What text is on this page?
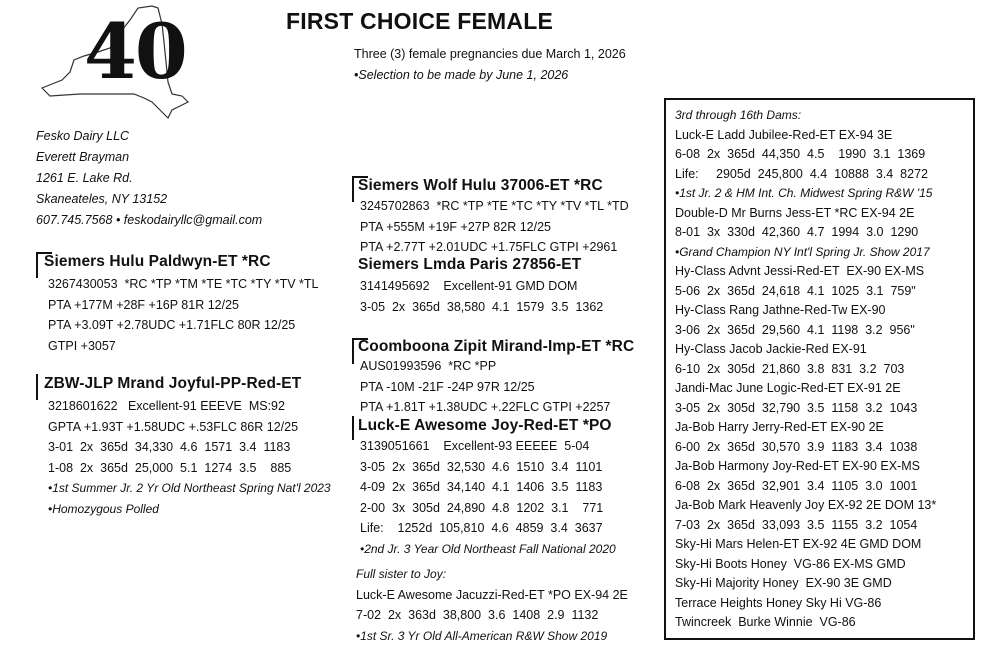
40	FIRST CHOICE FEMALE
Three (3) female pregnancies due March 1, 2026
•Selection to be made by June 1, 2026
Fesko Dairy LLC
Everett Brayman
1261 E. Lake Rd.
Skaneateles, NY 13152
607.745.7568 • feskodairyllc@gmail.com
Siemers Hulu Paldwyn-ET *RC
3267430053  *RC *TP *TM *TE *TC *TY *TV *TL
PTA +177M +28F +16P 81R 12/25
PTA +3.09T +2.78UDC +1.71FLC 80R 12/25
GTPI +3057
ZBW-JLP Mrand Joyful-PP-Red-ET
3218601622   Excellent-91 EEEVE  MS:92
GPTA +1.93T +1.58UDC +.53FLC 86R 12/25
3-01  2x  365d  34,330  4.6  1571  3.4  1183
1-08  2x  365d  25,000  5.1  1274  3.5    885
•1st Summer Jr. 2 Yr Old Northeast Spring Nat'l 2023
•Homozygous Polled
Siemers Wolf Hulu 37006-ET *RC
3245702863  *RC *TP *TE *TC *TY *TV *TL *TD
PTA +555M +19F +27P 82R 12/25
PTA +2.77T +2.01UDC +1.75FLC GTPI +2961
Siemers Lmda Paris 27856-ET
3141495692    Excellent-91 GMD DOM
3-05  2x  365d  38,580  4.1  1579  3.5  1362
Coomboona Zipit Mirand-Imp-ET *RC
AUS01993596  *RC *PP
PTA -10M -21F -24P 97R 12/25
PTA +1.81T +1.38UDC +.22FLC GTPI +2257
Luck-E Awesome Joy-Red-ET *PO
3139051661    Excellent-93 EEEEE  5-04
3-05  2x  365d  32,530  4.6  1510  3.4  1101
4-09  2x  365d  34,140  4.1  1406  3.5  1183
2-00  3x  305d  24,890  4.8  1202  3.1    771
Life:    1252d  105,810  4.6  4859  3.4  3637
•2nd Jr. 3 Year Old Northeast Fall National 2020
Full sister to Joy:
Luck-E Awesome Jacuzzi-Red-ET *PO EX-94 2E
7-02  2x  363d  38,800  3.6  1408  2.9  1132
•1st Sr. 3 Yr Old All-American R&W Show 2019
3rd through 16th Dams:
Luck-E Ladd Jubilee-Red-ET EX-94 3E
6-08  2x  365d  44,350  4.5    1990  3.1  1369
Life:     2905d  245,800  4.4  10888  3.4  8272
•1st Jr. 2 & HM Int. Ch. Midwest Spring R&W '15
Double-D Mr Burns Jess-ET *RC EX-94 2E
8-01  3x  330d  42,360  4.7  1994  3.0  1290
•Grand Champion NY Int'l Spring Jr. Show 2017
Hy-Class Advnt Jessi-Red-ET  EX-90 EX-MS
5-06  2x  365d  24,618  4.1  1025  3.1  759"
Hy-Class Rang Jathne-Red-Tw EX-90
3-06  2x  365d  29,560  4.1  1198  3.2  956"
Hy-Class Jacob Jackie-Red EX-91
6-10  2x  305d  21,860  3.8  831  3.2  703
Jandi-Mac June Logic-Red-ET EX-91 2E
3-05  2x  305d  32,790  3.5  1158  3.2  1043
Ja-Bob Harry Jerry-Red-ET EX-90 2E
6-00  2x  365d  30,570  3.9  1183  3.4  1038
Ja-Bob Harmony Joy-Red-ET EX-90 EX-MS
6-08  2x  365d  32,901  3.4  1105  3.0  1001
Ja-Bob Mark Heavenly Joy EX-92 2E DOM 13*
7-03  2x  365d  33,093  3.5  1155  3.2  1054
Sky-Hi Mars Helen-ET EX-92 4E GMD DOM
Sky-Hi Boots Honey  VG-86 EX-MS GMD
Sky-Hi Majority Honey  EX-90 3E GMD
Terrace Heights Honey Sky Hi VG-86
Twincreek  Burke Winnie  VG-86
